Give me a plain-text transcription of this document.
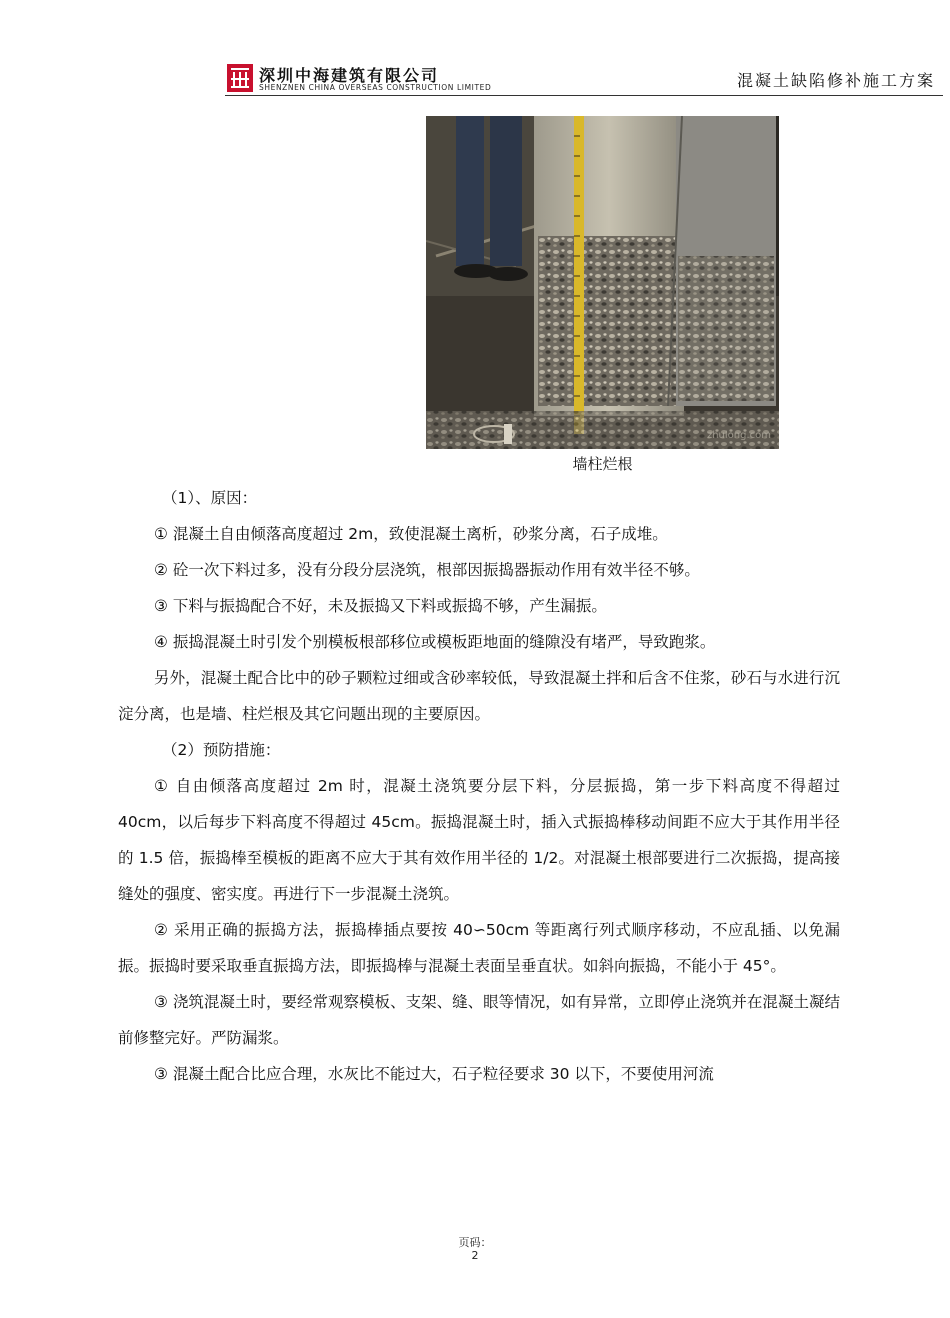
深圳中海建筑有限公司
SHENZNEN CHINA OVERSEAS CONSTRUCTION LIMITED	混凝土缺陷修补施工方案
zhulong.com
墙柱烂根

（1）、原因：

① 混凝土自由倾落高度超过 2m，致使混凝土离析，砂浆分离，石子成堆。

② 砼一次下料过多，没有分段分层浇筑，根部因振捣器振动作用有效半径不够。

③ 下料与振捣配合不好，未及振捣又下料或振捣不够，产生漏振。

④ 振捣混凝土时引发个别模板根部移位或模板距地面的缝隙没有堵严，导致跑浆。

另外，混凝土配合比中的砂子颗粒过细或含砂率较低，导致混凝土拌和后含不住浆，砂石与水进行沉淀分离，也是墙、柱烂根及其它问题出现的主要原因。

（2）预防措施：

① 自由倾落高度超过 2m 时，混凝土浇筑要分层下料，分层振捣，第一步下料高度不得超过 40cm，以后每步下料高度不得超过 45cm。振捣混凝土时，插入式振捣棒移动间距不应大于其作用半径的 1.5 倍，振捣棒至模板的距离不应大于其有效作用半径的 1/2。对混凝土根部要进行二次振捣，提高接缝处的强度、密实度。再进行下一步混凝土浇筑。

② 采用正确的振捣方法，振捣棒插点要按 40∽50cm 等距离行列式顺序移动，不应乱插、以免漏振。振捣时要采取垂直振捣方法，即振捣棒与混凝土表面呈垂直状。如斜向振捣，不能小于 45°。

③ 浇筑混凝土时，要经常观察模板、支架、缝、眼等情况，如有异常，立即停止浇筑并在混凝土凝结前修整完好。严防漏浆。

③ 混凝土配合比应合理，水灰比不能过大，石子粒径要求 30 以下，不要使用河流

页码：
2
